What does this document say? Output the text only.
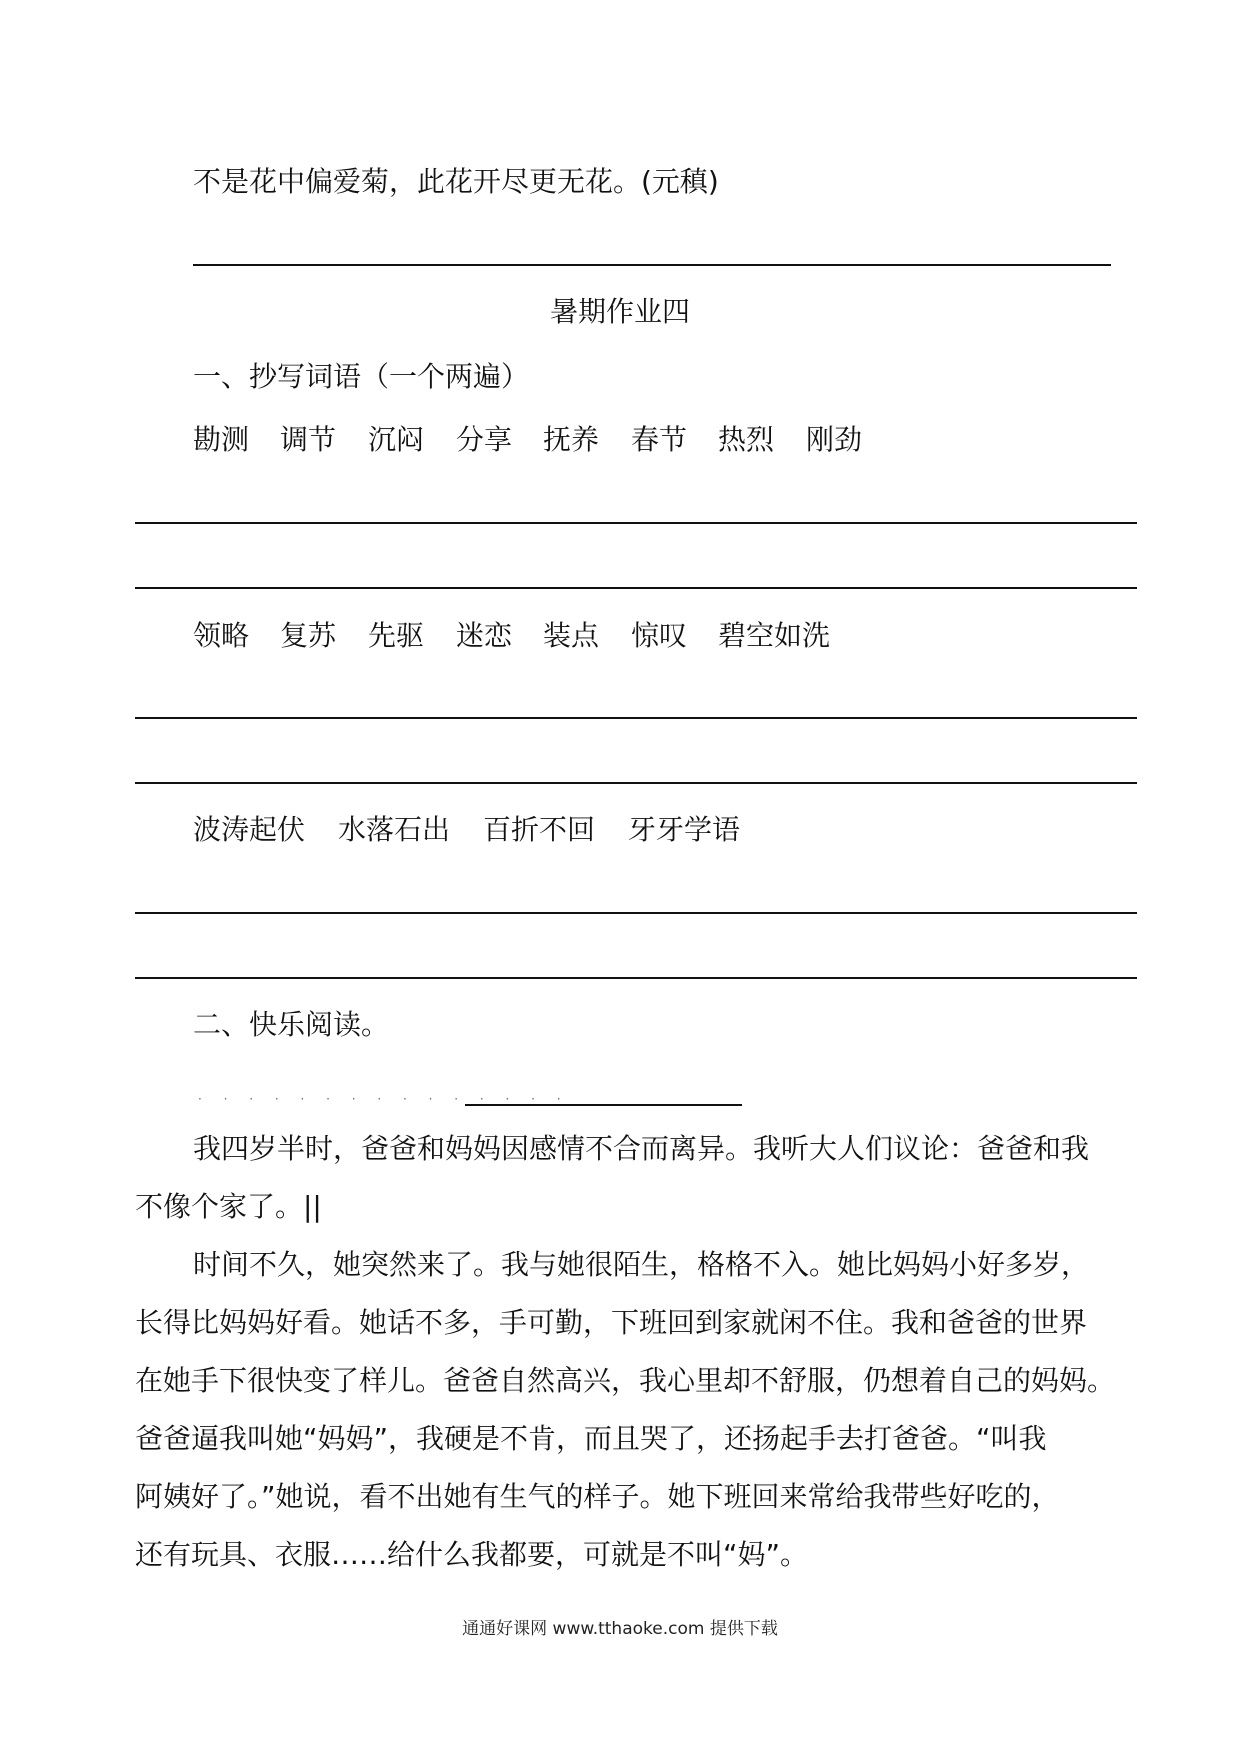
不是花中偏爱菊，此花开尽更无花。(元稹)
暑期作业四
一、抄写词语（一个两遍）
勘测 调节 沉闷 分享 抚养 春节 热烈 刚劲
领略 复苏 先驱 迷恋 装点 惊叹 碧空如洗
波涛起伏 水落石出 百折不回 牙牙学语
二、快乐阅读。
· · · · · · · · · · · · · · ·

我四岁半时，爸爸和妈妈因感情不合而离异。我听大人们议论：爸爸和我

不像个家了。||

时间不久，她突然来了。我与她很陌生，格格不入。她比妈妈小好多岁，

长得比妈妈好看。她话不多，手可勤，下班回到家就闲不住。我和爸爸的世界

在她手下很快变了样儿。爸爸自然高兴，我心里却不舒服，仍想着自己的妈妈。

爸爸逼我叫她“妈妈”，我硬是不肯，而且哭了，还扬起手去打爸爸。“叫我

阿姨好了。”她说，看不出她有生气的样子。她下班回来常给我带些好吃的，

还有玩具、衣服……给什么我都要，可就是不叫“妈”。

通通好课网 www.tthaoke.com 提供下载
